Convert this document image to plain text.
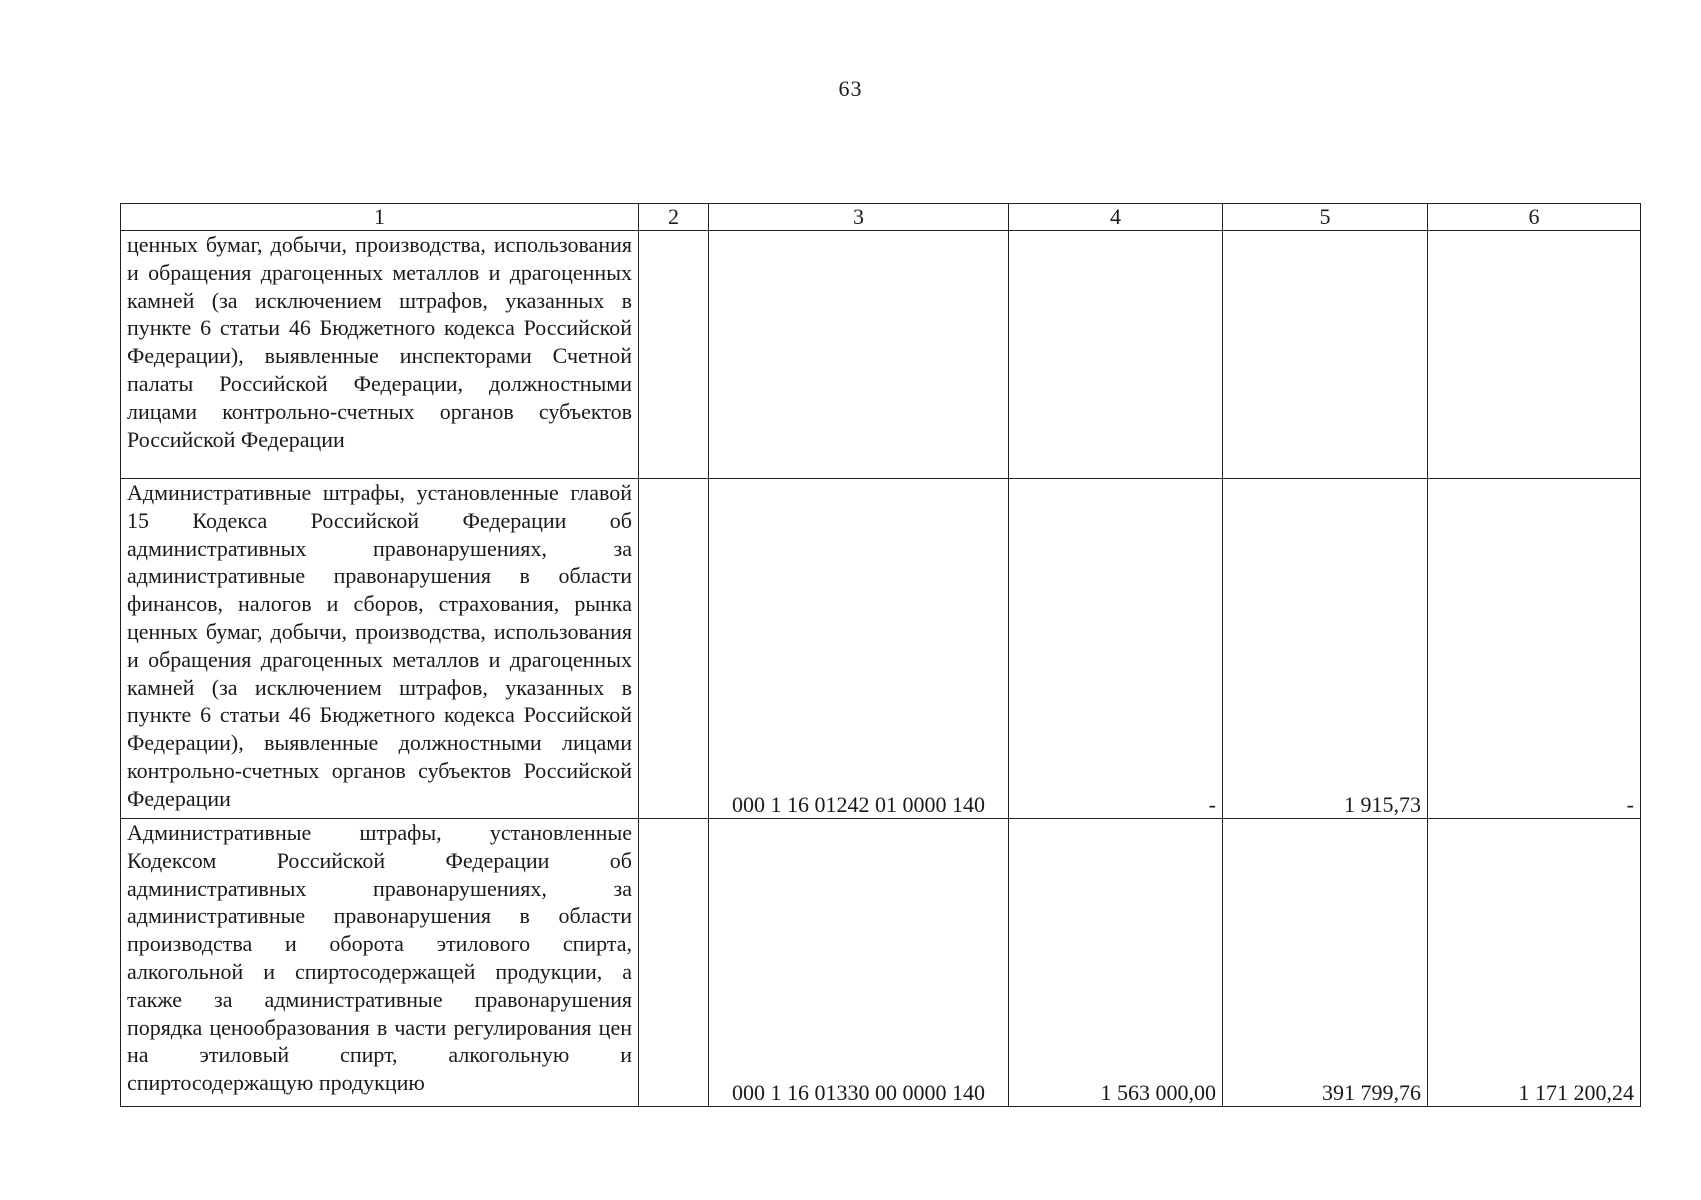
63
1	2	3	4	5	6
ценных бумаг, добычи, производства, использования и обращения драгоценных металлов и драгоценных камней (за исключением штрафов, указанных в пункте 6 статьи 46 Бюджетного кодекса Российской Федерации), выявленные инспекторами Счетной палаты Российской Федерации, должностными лицами контрольно-счетных органов субъектов Российской Федерации					
Административные штрафы, установленные главой 15 Кодекса Российской Федерации об административных правонарушениях, за административные правонарушения в области финансов, налогов и сборов, страхования, рынка ценных бумаг, добычи, производства, использования и обращения драгоценных металлов и драгоценных камней (за исключением штрафов, указанных в пункте 6 статьи 46 Бюджетного кодекса Российской Федерации), выявленные должностными лицами контрольно-счетных органов субъектов Российской Федерации		000 1 16 01242 01 0000 140	-	1 915,73	-
Административные штрафы, установленные Кодексом Российской Федерации об административных правонарушениях, за административные правонарушения в области производства и оборота этилового спирта, алкогольной и спиртосодержащей продукции, а также за административные правонарушения порядка ценообразования в части регулирования цен на этиловый спирт, алкогольную и спиртосодержащую продукцию		000 1 16 01330 00 0000 140	1 563 000,00	391 799,76	1 171 200,24
